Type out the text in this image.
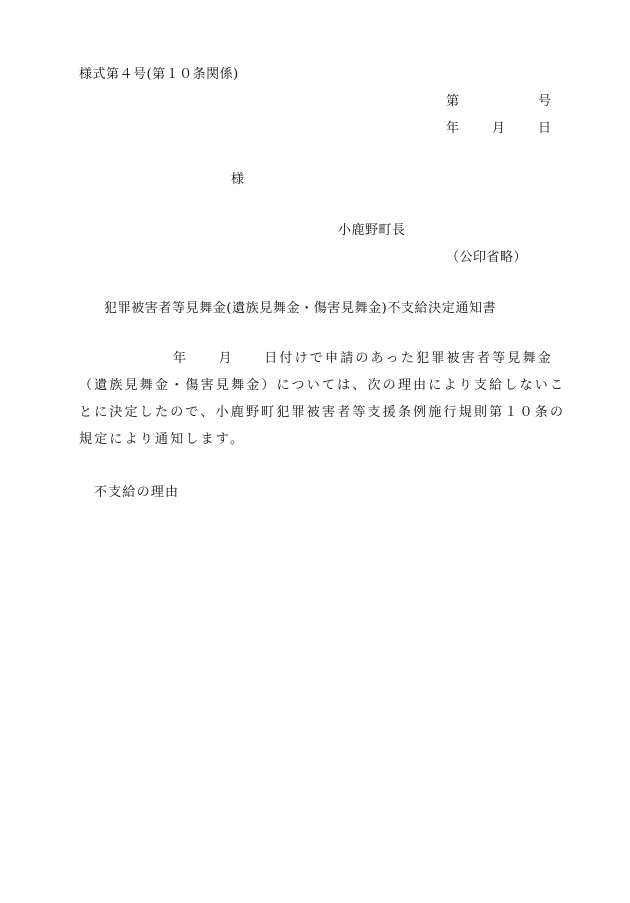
様式第４号(第１０条関係)
第	号
年 月 日
様
小鹿野町長
（公印省略）
犯罪被害者等見舞金(遺族見舞金・傷害見舞金)不支給決定通知書
年　　月　　日付けで申請のあった犯罪被害者等見舞金
（遺族見舞金・傷害見舞金）については、次の理由により支給しないこ
とに決定したので、小鹿野町犯罪被害者等支援条例施行規則第１０条の
規定により通知します。
不支給の理由
